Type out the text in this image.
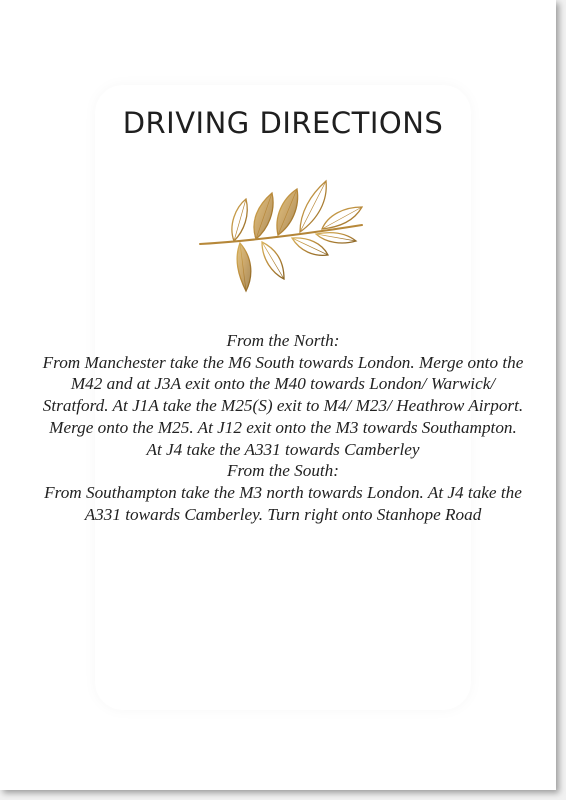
DRIVING DIRECTIONS

From the North:

From Manchester take the M6 South towards London. Merge onto the M42 and at J3A exit onto the M40 towards London/ Warwick/ Stratford. At J1A take the M25(S) exit to M4/ M23/ Heathrow Airport. Merge onto the M25. At J12 exit onto the M3 towards Southampton. At J4 take the A331 towards Camberley

From the South:

From Southampton take the M3 north towards London. At J4 take the A331 towards Camberley. Turn right onto Stanhope Road
